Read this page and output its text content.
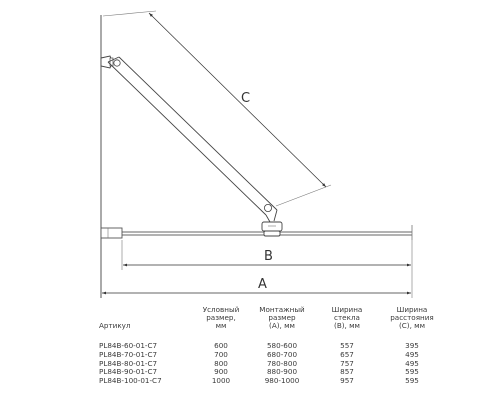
C
B
A
Артикул	Условный
размер,
мм	Монтажный
размер
(А), мм	Ширина
стекла
(В), мм	Ширина
расстояния
(С), мм
PL84B-60-01-C7	600	580-600	557	395
PL84B-70-01-C7	700	680-700	657	495
PL84B-80-01-C7	800	780-800	757	495
PL84B-90-01-C7	900	880-900	857	595
PL84B-100-01-C7	1000	980-1000	957	595
